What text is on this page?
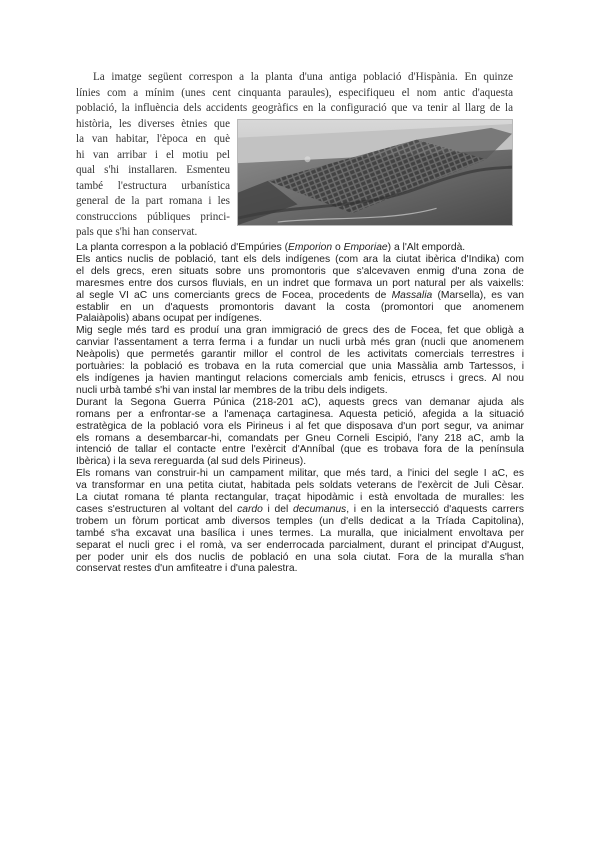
La imatge següent correspon a la planta d'una antiga població d'Hispània. En quinze
línies com a mínim (unes cent cinquanta paraules), especifiqueu el nom antic d'aquesta
població, la influència dels accidents geogràfics en la configuració que va tenir al llarg de la
història, les diverses ètnies que
la van habitar, l'època en què
hi van arribar i el motiu pel
qual s'hi installaren. Esmenteu
també l'estructura urbanística
general de la part romana i les
construccions públiques princi-
pals que s'hi han conservat.
La planta correspon a la població d'Empúries (Emporion o Emporiae) a l'Alt empordà.
Els antics nuclis de població, tant els dels indígenes (com ara la ciutat ibèrica d'Indika) com
el dels grecs, eren situats sobre uns promontoris que s'alcevaven enmig d'una zona de
maresmes entre dos cursos fluvials, en un indret que formava un port natural per als vaixells:
al segle VI aC uns comerciants grecs de Focea, procedents de Massalia (Marsella), es van
establir en un d'aquests promontoris davant la costa (promontori que anomenem
Palaiàpolis) abans ocupat per indígenes.
Mig segle més tard es produí una gran immigració de grecs des de Focea, fet que obligà a
canviar l'assentament a terra ferma i a fundar un nucli urbà més gran (nucli que anomenem
Neàpolis) que permetés garantir millor el control de les activitats comercials terrestres i
portuàries: la població es trobava en la ruta comercial que unia Massàlia amb Tartessos, i
els indígenes ja havien mantingut relacions comercials amb fenicis, etruscs i grecs. Al nou
nucli urbà també s'hi van instal lar membres de la tribu dels indigets.
Durant la Segona Guerra Púnica (218-201 aC), aquests grecs van demanar ajuda als
romans per a enfrontar-se a l'amenaça cartaginesa. Aquesta petició, afegida a la situació
estratègica de la població vora els Pirineus i al fet que disposava d'un port segur, va animar
els romans a desembarcar-hi, comandats per Gneu Corneli Escipió, l'any 218 aC, amb la
intenció de tallar el contacte entre l'exèrcit d'Anníbal (que es trobava fora de la península
Ibèrica) i la seva rereguarda (al sud dels Pirineus).
Els romans van construir-hi un campament militar, que més tard, a l'inici del segle I aC, es
va transformar en una petita ciutat, habitada pels soldats veterans de l'exèrcit de Juli Cèsar.
La ciutat romana té planta rectangular, traçat hipodàmic i està envoltada de muralles: les
cases s'estructuren al voltant del cardo i del decumanus, i en la intersecció d'aquests carrers
trobem un fòrum porticat amb diversos temples (un d'ells dedicat a la Tríada Capitolina),
també s'ha excavat una basílica i unes termes. La muralla, que inicialment envoltava per
separat el nucli grec i el romà, va ser enderrocada parcialment, durant el principat d'August,
per poder unir els dos nuclis de població en una sola ciutat. Fora de la muralla s'han
conservat restes d'un amfiteatre i d'una palestra.
